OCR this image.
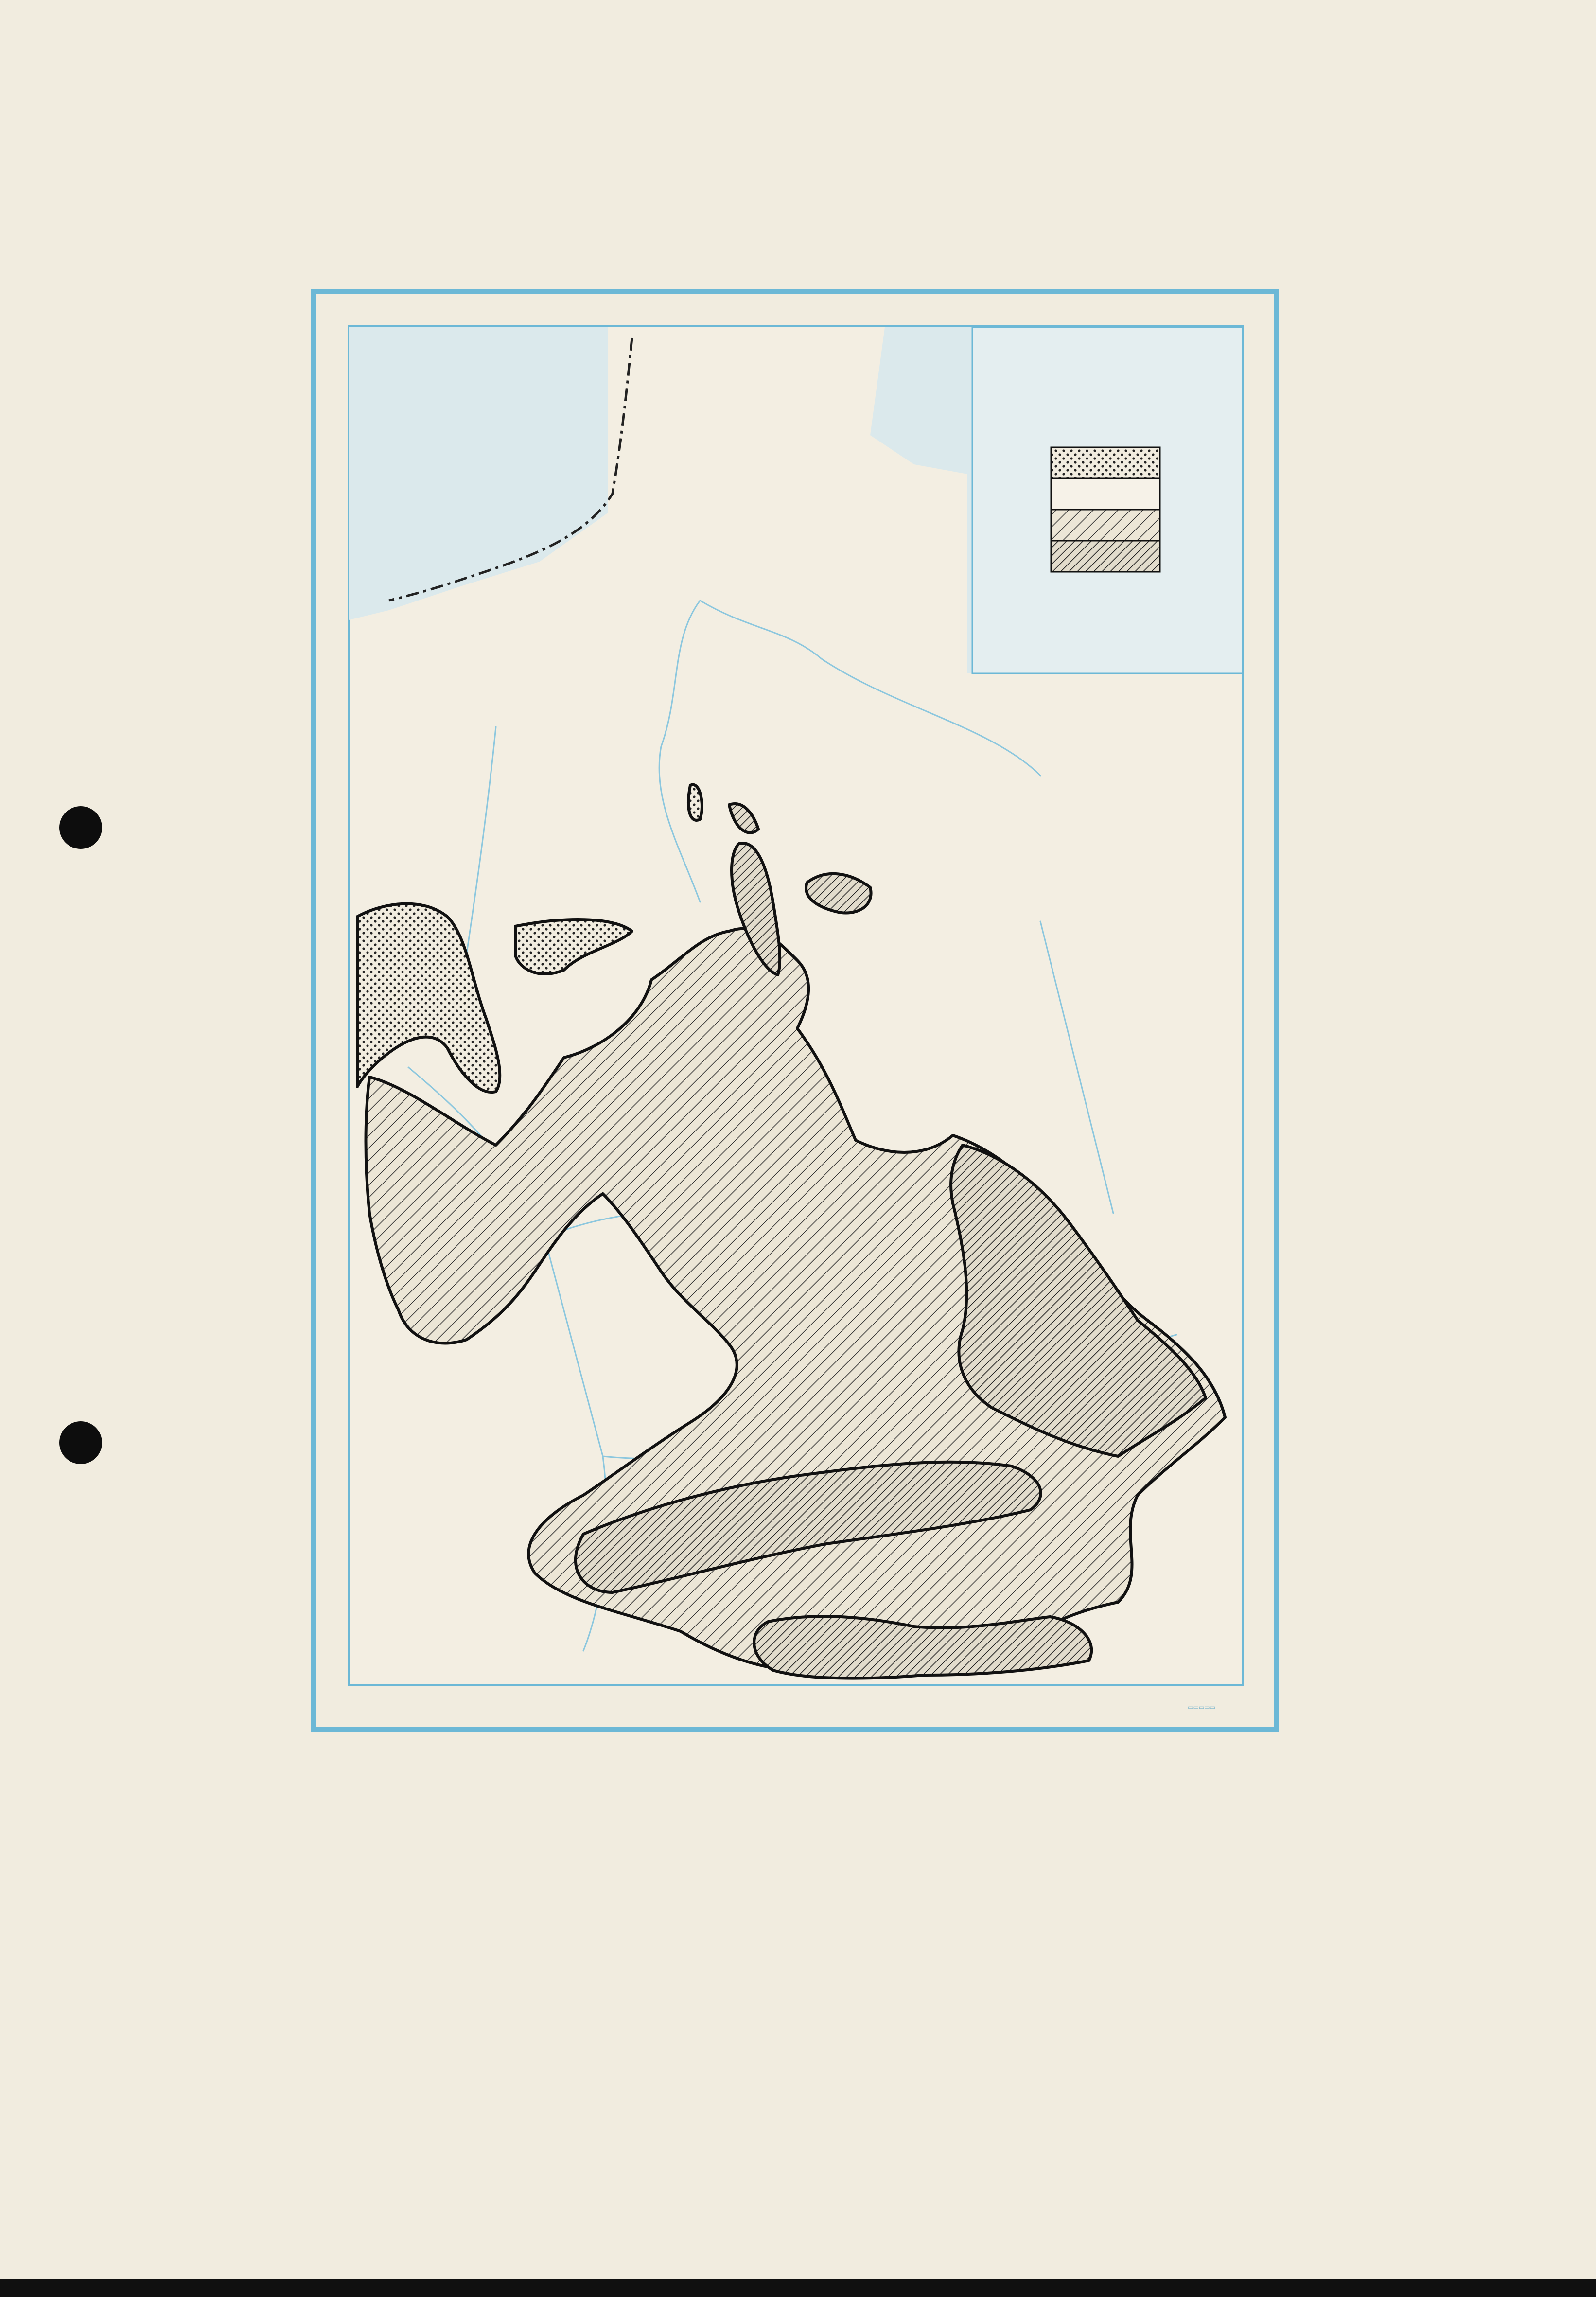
▭▭▭▭▭
